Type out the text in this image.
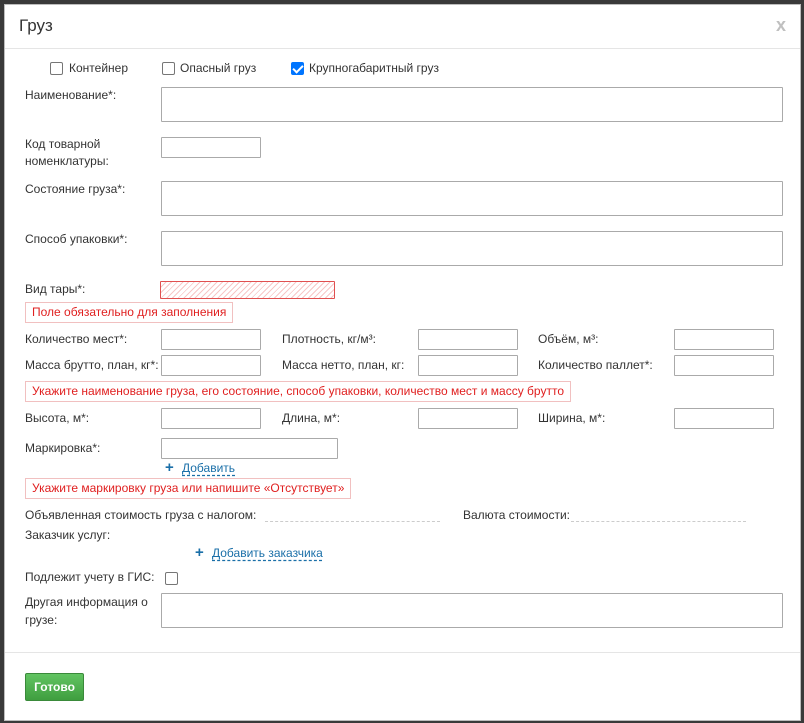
Груз	x
Контейнер	Опасный груз	Крупногабаритный груз
Наименование*:
Код товарной номенклатуры:
Состояние груза*:
Способ упаковки*:
Вид тары*:
Поле обязательно для заполнения
Количество мест*:	Плотность, кг/м³:	Объём, м³:
Масса брутто, план, кг*:	Масса нетто, план, кг:	Количество паллет*:
Укажите наименование груза, его состояние, способ упаковки, количество мест и массу брутто
Высота, м*:	Длина, м*:	Ширина, м*:
Маркировка*:
+ Добавить
Укажите маркировку груза или напишите «Отсутствует»
Объявленная стоимость груза с налогом:	Валюта стоимости:
Заказчик услуг:
+ Добавить заказчика
Подлежит учету в ГИС:
Другая информация о грузе:
Готово
